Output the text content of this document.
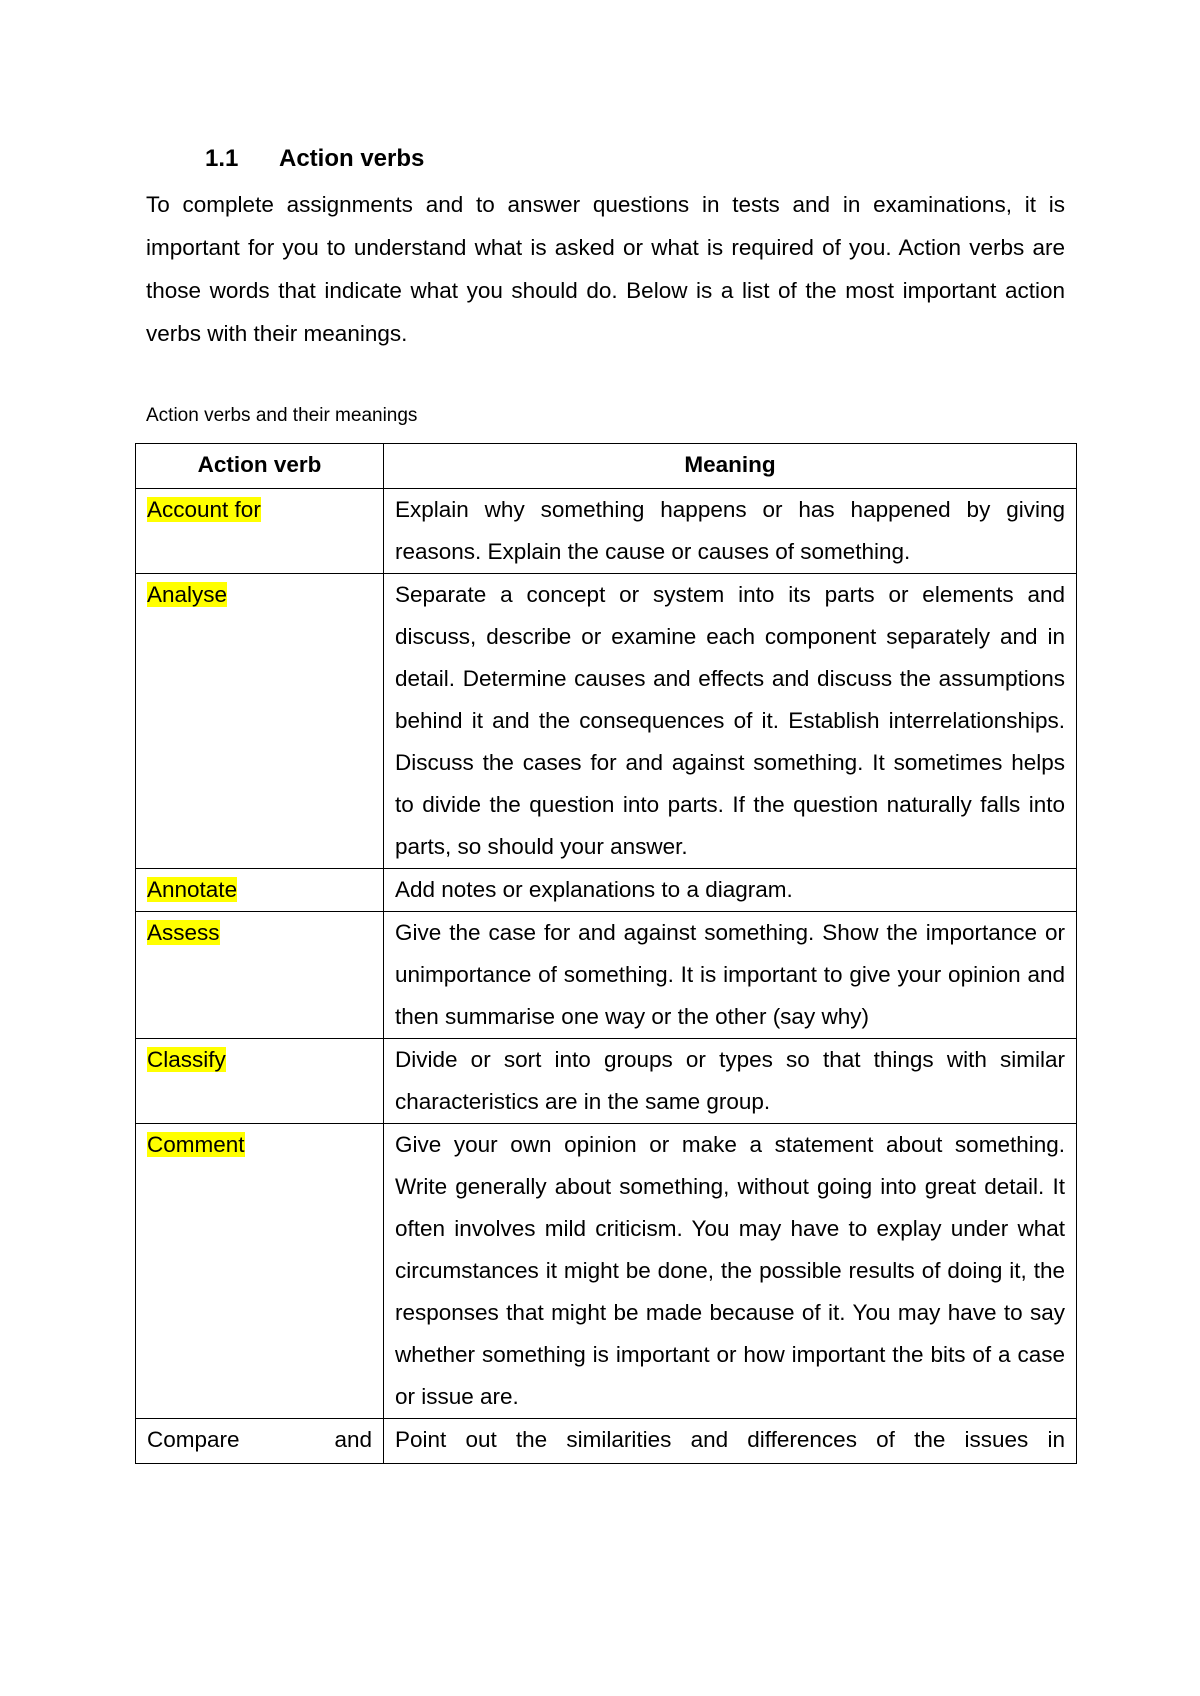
1.1 Action verbs

To complete assignments and to answer questions in tests and in examinations, it is important for you to understand what is asked or what is required of you. Action verbs are those words that indicate what you should do. Below is a list of the most important action verbs with their meanings.

Action verbs and their meanings
Action verb	Meaning
Account for	Explain why something happens or has happened by giving reasons. Explain the cause or causes of something.
Analyse	Separate a concept or system into its parts or elements and discuss, describe or examine each component separately and in detail. Determine causes and effects and discuss the assumptions behind it and the consequences of it. Establish interrelationships. Discuss the cases for and against something. It sometimes helps to divide the question into parts. If the question naturally falls into parts, so should your answer.
Annotate	Add notes or explanations to a diagram.
Assess	Give the case for and against something. Show the importance or unimportance of something. It is important to give your opinion and then summarise one way or the other (say why)
Classify	Divide or sort into groups or types so that things with similar characteristics are in the same group.
Comment	Give your own opinion or make a statement about something. Write generally about something, without going into great detail. It often involves mild criticism. You may have to explay under what circumstances it might be done, the possible results of doing it, the responses that might be made because of it. You may have to say whether something is important or how important the bits of a case or issue are.

Compare and	Point out the similarities and differences of the issues in
